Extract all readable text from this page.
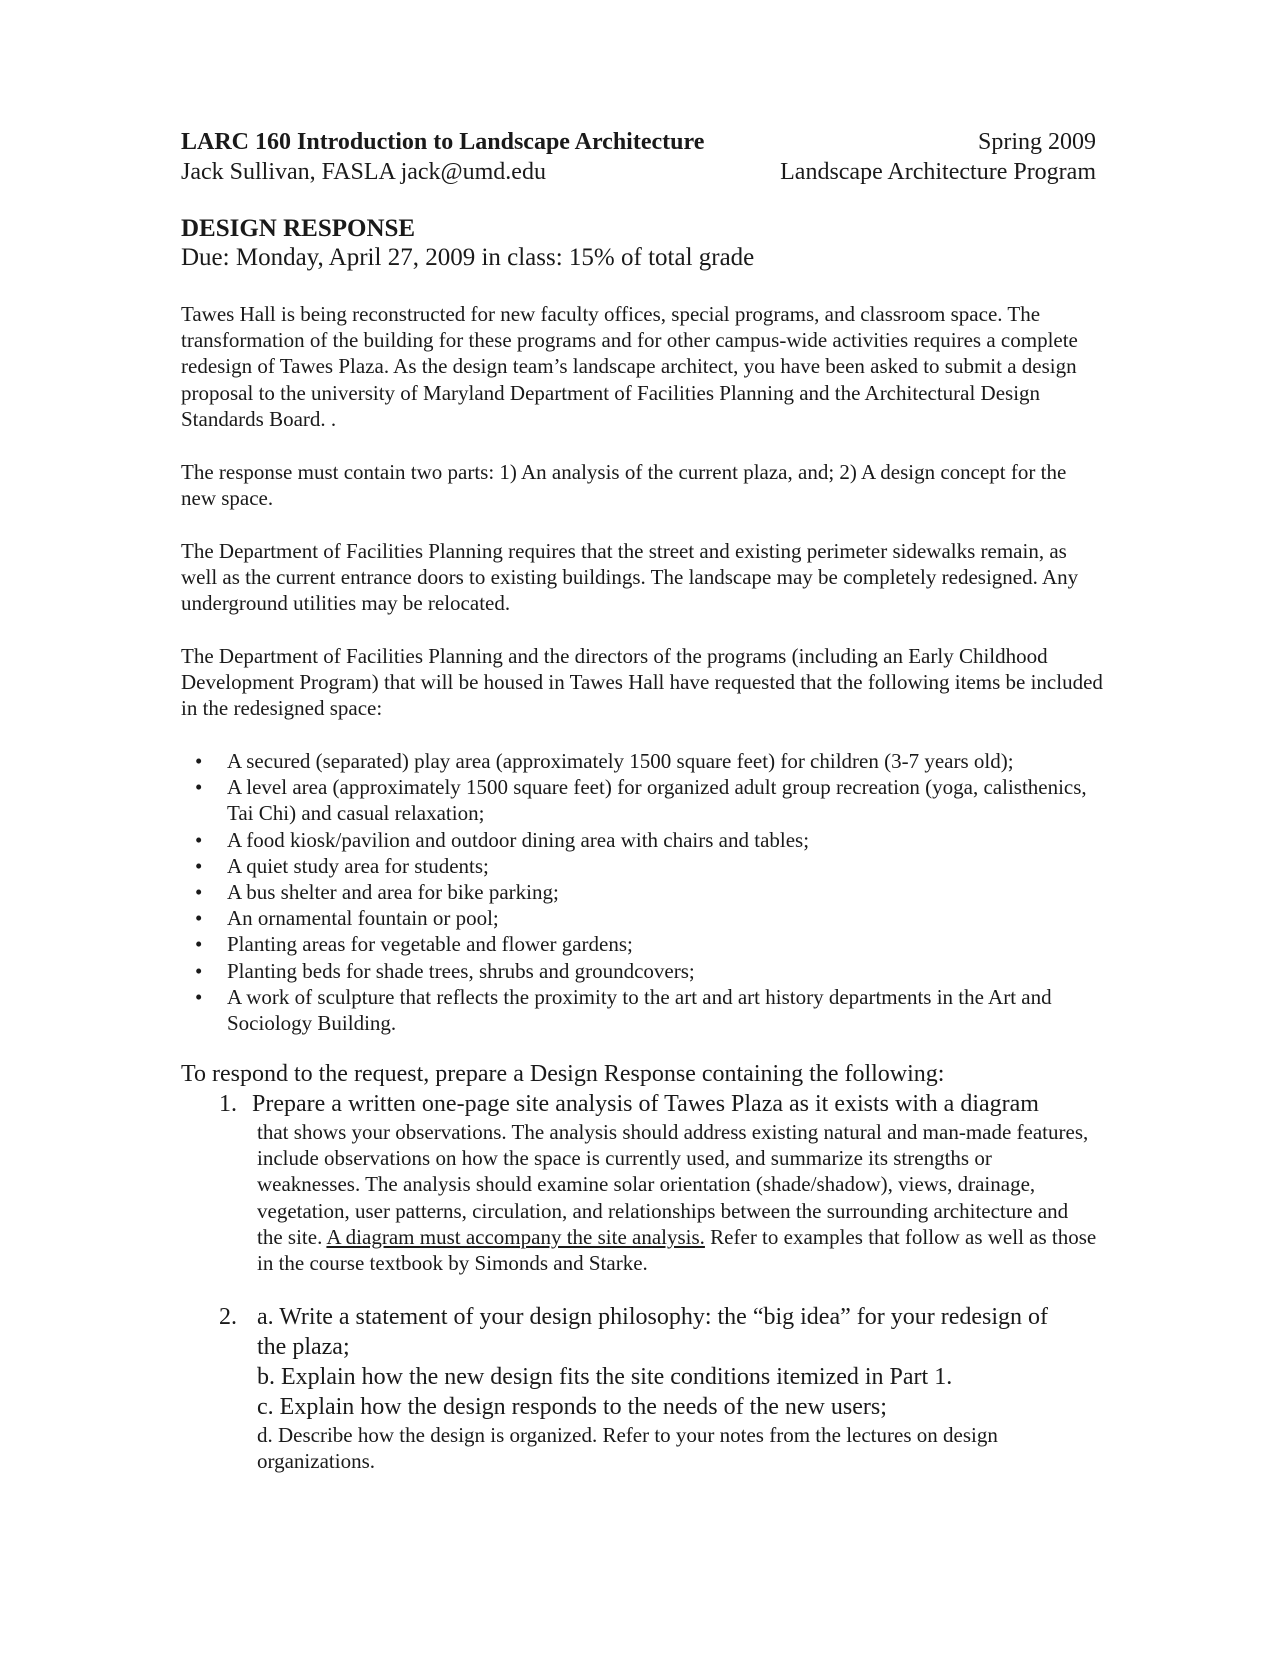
LARC 160 Introduction to Landscape Architecture	Spring 2009
Jack Sullivan, FASLA jack@umd.edu	Landscape Architecture Program
DESIGN RESPONSE
Due: Monday, April 27, 2009 in class: 15% of total grade

Tawes Hall is being reconstructed for new faculty offices, special programs, and classroom space. The transformation of the building for these programs and for other campus-wide activities requires a complete redesign of Tawes Plaza. As the design team’s landscape architect, you have been asked to submit a design proposal to the university of Maryland Department of Facilities Planning and the Architectural Design Standards Board. .

The response must contain two parts: 1) An analysis of the current plaza, and; 2) A design concept for the new space.

The Department of Facilities Planning requires that the street and existing perimeter sidewalks remain, as well as the current entrance doors to existing buildings. The landscape may be completely redesigned. Any underground utilities may be relocated.

The Department of Facilities Planning and the directors of the programs (including an Early Childhood Development Program) that will be housed in Tawes Hall have requested that the following items be included in the redesigned space:

• A secured (separated) play area (approximately 1500 square feet) for children (3-7 years old);
• A level area (approximately 1500 square feet) for organized adult group recreation (yoga, calisthenics, Tai Chi) and casual relaxation;
• A food kiosk/pavilion and outdoor dining area with chairs and tables;
• A quiet study area for students;
• A bus shelter and area for bike parking;
• An ornamental fountain or pool;
• Planting areas for vegetable and flower gardens;
• Planting beds for shade trees, shrubs and groundcovers;
• A work of sculpture that reflects the proximity to the art and art history departments in the Art and Sociology Building.

To respond to the request, prepare a Design Response containing the following:

1. Prepare a written one-page site analysis of Tawes Plaza as it exists with a diagram
that shows your observations. The analysis should address existing natural and man-made features, include observations on how the space is currently used, and summarize its strengths or weaknesses. The analysis should examine solar orientation (shade/shadow), views, drainage, vegetation, user patterns, circulation, and relationships between the surrounding architecture and the site. A diagram must accompany the site analysis. Refer to examples that follow as well as those in the course textbook by Simonds and Starke.
2. a. Write a statement of your design philosophy: the “big idea” for your redesign of
the plaza;
b. Explain how the new design fits the site conditions itemized in Part 1.
c. Explain how the design responds to the needs of the new users;
d. Describe how the design is organized. Refer to your notes from the lectures on design organizations.
